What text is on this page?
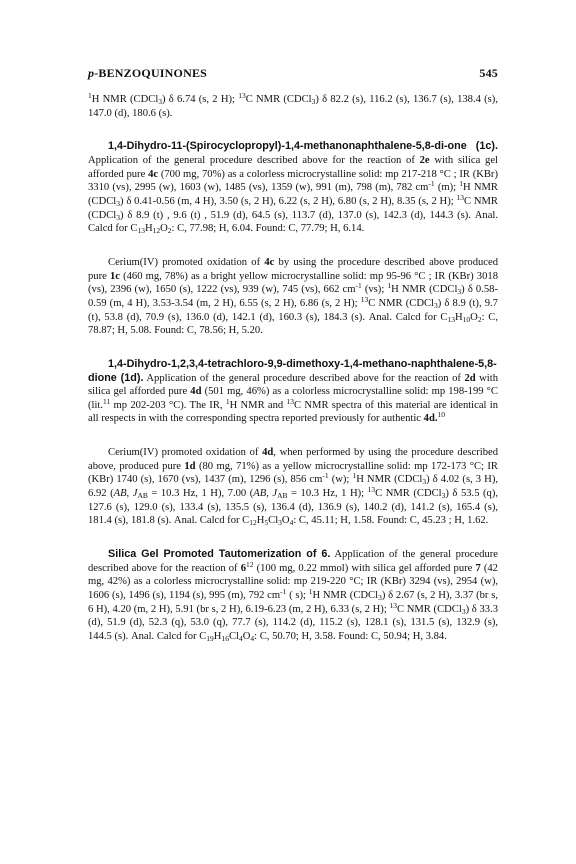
p-BENZOQUINONES	545

$^1$H NMR (CDCl$_3$) δ 6.74 (s, 2 H); $^{13}$C NMR (CDCl$_3$) δ 82.2 (s), 116.2 (s), 136.7 (s), 138.4 (s), 147.0 (d), 180.6 (s).

1,4-Dihydro-11-(Spirocyclopropyl)-1,4-methanonaphthalene-5,8-di-one (1c). Application of the general procedure described above for the reaction of 2e with silica gel afforded pure 4c (700 mg, 70%) as a colorless microcrystalline solid: mp 217-218 °C ; IR (KBr) 3310 (vs), 2995 (w), 1603 (w), 1485 (vs), 1359 (w), 991 (m), 798 (m), 782 $cm^{-1}$ (m); $^1$H NMR (CDCl$_3$) δ 0.41-0.56 (m, 4 H), 3.50 (s, 2 H), 6.22 (s, 2 H), 6.80 (s, 2 H), 8.35 (s, 2 H); $^{13}$C NMR (CDCl$_3$) δ 8.9 (t) , 9.6 (t) , 51.9 (d), 64.5 (s), 113.7 (d), 137.0 (s), 142.3 (d), 144.3 (s). Anal. Calcd for $C_{13}H_{12}O_2$: C, 77.98; H, 6.04. Found: C, 77.79; H, 6.14.

Cerium(IV) promoted oxidation of 4c by using the procedure described above produced pure 1c (460 mg, 78%) as a bright yellow microcrystalline solid: mp 95-96 °C ; IR (KBr) 3018 (vs), 2396 (w), 1650 (s), 1222 (vs), 939 (w), 745 (vs), 662 $cm^{-1}$ (vs); $^1$H NMR (CDCl$_3$) δ 0.58-0.59 (m, 4 H), 3.53-3.54 (m, 2 H), 6.55 (s, 2 H), 6.86 (s, 2 H); $^{13}$C NMR (CDCl$_3$) δ 8.9 (t), 9.7 (t), 53.8 (d), 70.9 (s), 136.0 (d), 142.1 (d), 160.3 (s), 184.3 (s). Anal. Calcd for $C_{13}H_{10}O_2$: C, 78.87; H, 5.08. Found: C, 78.56; H, 5.20.

1,4-Dihydro-1,2,3,4-tetrachloro-9,9-dimethoxy-1,4-methano-naphthalene-5,8-dione (1d). Application of the general procedure described above for the reaction of 2d with silica gel afforded pure 4d (501 mg, 46%) as a colorless microcrystalline solid: mp 198-199 °C (lit.$^{11}$ mp 202-203 °C). The IR, $^1$H NMR and $^{13}$C NMR spectra of this material are identical in all respects in with the corresponding spectra reported previously for authentic 4d.$^{10}$

Cerium(IV) promoted oxidation of 4d, when performed by using the procedure described above, produced pure 1d (80 mg, 71%) as a yellow microcrystalline solid: mp 172-173 °C; IR (KBr) 1740 (s), 1670 (vs), 1437 (m), 1296 (s), 856 $cm^{-1}$ (w); $^1$H NMR (CDCl$_3$) δ 4.02 (s, 3 H), 6.92 (AB, $J_{AB} = 10.3$ Hz, 1 H), 7.00 (AB, $J_{AB} = 10.3$ Hz, 1 H); $^{13}$C NMR (CDCl$_3$) δ 53.5 (q), 127.6 (s), 129.0 (s), 133.4 (s), 135.5 (s), 136.4 (d), 136.9 (s), 140.2 (d), 141.2 (s), 165.4 (s), 181.4 (s), 181.8 (s). Anal. Calcd for $C_{12}H_5Cl_3O_4$: C, 45.11; H, 1.58. Found: C, 45.23 ; H, 1.62.

Silica Gel Promoted Tautomerization of 6. Application of the general procedure described above for the reaction of $6^{12}$ (100 mg, 0.22 mmol) with silica gel afforded pure 7 (42 mg, 42%) as a colorless microcrystalline solid: mp 219-220 °C; IR (KBr) 3294 (vs), 2954 (w), 1606 (s), 1496 (s), 1194 (s), 995 (m), 792 $cm^{-1}$ ( s); $^1$H NMR (CDCl$_3$) δ 2.67 (s, 2 H), 3.37 (br s, 6 H), 4.20 (m, 2 H), 5.91 (br s, 2 H), 6.19-6.23 (m, 2 H), 6.33 (s, 2 H); $^{13}$C NMR (CDCl$_3$) δ 33.3 (d), 51.9 (d), 52.3 (q), 53.0 (q), 77.7 (s), 114.2 (d), 115.2 (s), 128.1 (s), 131.5 (s), 132.9 (s), 144.5 (s). Anal. Calcd for $C_{19}H_{16}Cl_4O_4$: C, 50.70; H, 3.58. Found: C, 50.94; H, 3.84.
